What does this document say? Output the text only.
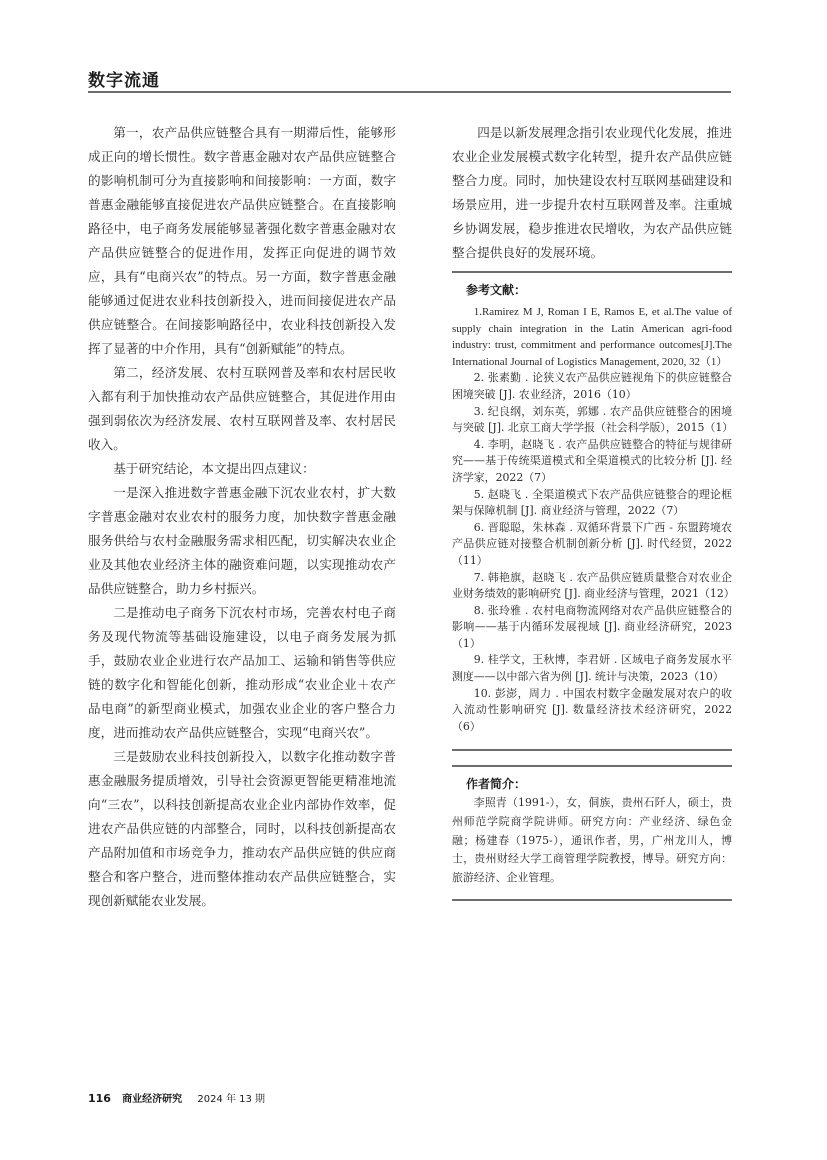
数字流通

第一，农产品供应链整合具有一期滞后性，能够形成正向的增长惯性。数字普惠金融对农产品供应链整合的影响机制可分为直接影响和间接影响：一方面，数字普惠金融能够直接促进农产品供应链整合。在直接影响路径中，电子商务发展能够显著强化数字普惠金融对农产品供应链整合的促进作用，发挥正向促进的调节效应，具有“电商兴农”的特点。另一方面，数字普惠金融能够通过促进农业科技创新投入，进而间接促进农产品供应链整合。在间接影响路径中，农业科技创新投入发挥了显著的中介作用，具有“创新赋能”的特点。

第二，经济发展、农村互联网普及率和农村居民收入都有利于加快推动农产品供应链整合，其促进作用由强到弱依次为经济发展、农村互联网普及率、农村居民收入。

基于研究结论，本文提出四点建议：

一是深入推进数字普惠金融下沉农业农村，扩大数字普惠金融对农业农村的服务力度，加快数字普惠金融服务供给与农村金融服务需求相匹配，切实解决农业企业及其他农业经济主体的融资难问题，以实现推动农产品供应链整合，助力乡村振兴。

二是推动电子商务下沉农村市场，完善农村电子商务及现代物流等基础设施建设，以电子商务发展为抓手，鼓励农业企业进行农产品加工、运输和销售等供应链的数字化和智能化创新，推动形成“农业企业＋农产品电商”的新型商业模式，加强农业企业的客户整合力度，进而推动农产品供应链整合，实现“电商兴农”。

三是鼓励农业科技创新投入，以数字化推动数字普惠金融服务提质增效，引导社会资源更智能更精准地流向“三农”，以科技创新提高农业企业内部协作效率，促进农产品供应链的内部整合，同时，以科技创新提高农产品附加值和市场竞争力，推动农产品供应链的供应商整合和客户整合，进而整体推动农产品供应链整合，实现创新赋能农业发展。

四是以新发展理念指引农业现代化发展，推进农业企业发展模式数字化转型，提升农产品供应链整合力度。同时，加快建设农村互联网基础建设和场景应用，进一步提升农村互联网普及率。注重城乡协调发展，稳步推进农民增收，为农产品供应链整合提供良好的发展环境。

参考文献：

1.Ramirez M J, Roman I E, Ramos E, et al.The value of supply chain integration in the Latin American agri-food industry: trust, commitment and performance outcomes[J].The International Journal of Logistics Management, 2020, 32（1）

2. 张素勤 . 论狭义农产品供应链视角下的供应链整合困境突破 [J]. 农业经济，2016（10）

3. 纪良纲，刘东英，郭娜 . 农产品供应链整合的困境与突破 [J]. 北京工商大学学报（社会科学版），2015（1）

4. 李明，赵晓飞 . 农产品供应链整合的特征与规律研究——基于传统渠道模式和全渠道模式的比较分析 [J]. 经济学家，2022（7）

5. 赵晓飞 . 全渠道模式下农产品供应链整合的理论框架与保障机制 [J]. 商业经济与管理，2022（7）

6. 晋聪聪，朱林森 . 双循环背景下广西 - 东盟跨境农产品供应链对接整合机制创新分析 [J]. 时代经贸，2022（11）

7. 韩艳旗，赵晓飞 . 农产品供应链质量整合对农业企业财务绩效的影响研究 [J]. 商业经济与管理，2021（12）

8. 张玲雅 . 农村电商物流网络对农产品供应链整合的影响——基于内循环发展视域 [J]. 商业经济研究，2023（1）

9. 桂学文，王秋博，李君妍 . 区域电子商务发展水平测度——以中部六省为例 [J]. 统计与决策，2023（10）

10. 彭澎，周力 . 中国农村数字金融发展对农户的收入流动性影响研究 [J]. 数量经济技术经济研究，2022（6）

作者简介：

李照青（1991-），女，侗族，贵州石阡人，硕士，贵州师范学院商学院讲师。研究方向：产业经济、绿色金融；杨建春（1975-），通讯作者，男，广州龙川人，博士，贵州财经大学工商管理学院教授，博导。研究方向：旅游经济、企业管理。

116 商业经济研究 2024 年 13 期
